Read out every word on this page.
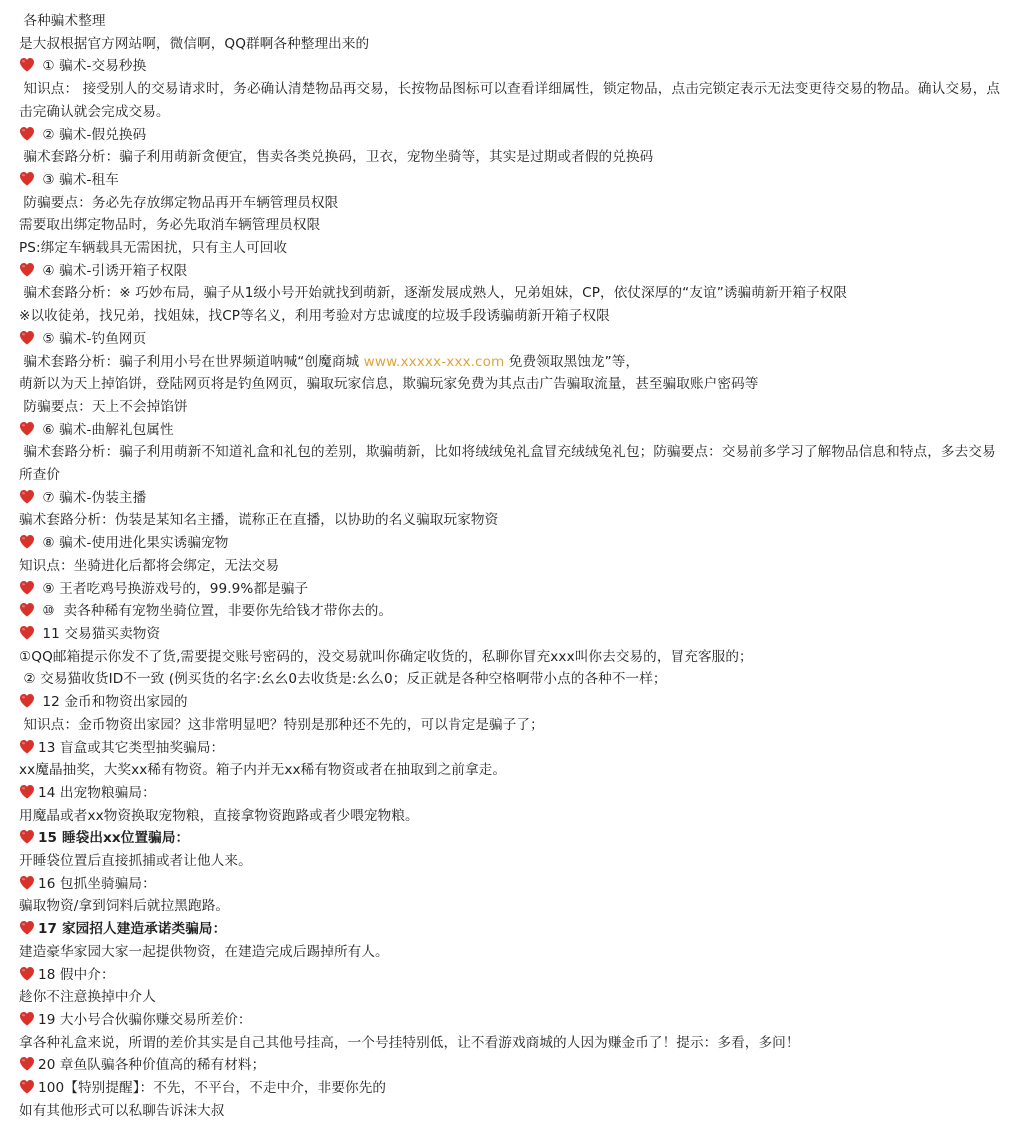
各种骗术整理
是大叔根据官方网站啊，微信啊，QQ群啊各种整理出来的
① 骗术-交易秒换
知识点： 接受别人的交易请求时，务必确认清楚物品再交易，长按物品图标可以查看详细属性，锁定物品，点击完锁定表示无法变更待交易的物品。确认交易，点击完确认就会完成交易。
② 骗术-假兑换码
骗术套路分析：骗子利用萌新贪便宜，售卖各类兑换码，卫衣，宠物坐骑等，其实是过期或者假的兑换码
③ 骗术-租车
防骗要点：务必先存放绑定物品再开车辆管理员权限
需要取出绑定物品时，务必先取消车辆管理员权限
PS:绑定车辆载具无需困扰，只有主人可回收
④ 骗术-引诱开箱子权限
骗术套路分析：※ 巧妙布局，骗子从1级小号开始就找到萌新，逐渐发展成熟人，兄弟姐妹，CP，依仗深厚的“友谊”诱骗萌新开箱子权限
※以收徒弟，找兄弟，找姐妹，找CP等名义，利用考验对方忠诚度的垃圾手段诱骗萌新开箱子权限
⑤ 骗术-钓鱼网页
骗术套路分析：骗子利用小号在世界频道呐喊“创魔商城 www.xxxxx-xxx.com 免费领取黑蚀龙”等，
萌新以为天上掉馅饼，登陆网页将是钓鱼网页，骗取玩家信息，欺骗玩家免费为其点击广告骗取流量，甚至骗取账户密码等
防骗要点：天上不会掉馅饼
⑥ 骗术-曲解礼包属性
骗术套路分析：骗子利用萌新不知道礼盒和礼包的差别，欺骗萌新，比如将绒绒兔礼盒冒充绒绒兔礼包；防骗要点：交易前多学习了解物品信息和特点，多去交易所查价
⑦ 骗术-伪装主播
骗术套路分析：伪装是某知名主播，谎称正在直播，以协助的名义骗取玩家物资
⑧ 骗术-使用进化果实诱骗宠物
知识点：坐骑进化后都将会绑定，无法交易
⑨ 王者吃鸡号换游戏号的，99.9%都是骗子
⑩  卖各种稀有宠物坐骑位置，非要你先给钱才带你去的。
11 交易猫买卖物资
①QQ邮箱提示你发不了货,需要提交账号密码的，没交易就叫你确定收货的，私聊你冒充xxx叫你去交易的，冒充客服的；
② 交易猫收货ID不一致 (例买货的名字:幺幺0去收货是:幺么0；反正就是各种空格啊带小点的各种不一样；
12 金币和物资出家园的
知识点：金币物资出家园？这非常明显吧？特别是那种还不先的，可以肯定是骗子了；
13 盲盒或其它类型抽奖骗局：
xx魔晶抽奖，大奖xx稀有物资。箱子内并无xx稀有物资或者在抽取到之前拿走。
14 出宠物粮骗局：
用魔晶或者xx物资换取宠物粮，直接拿物资跑路或者少喂宠物粮。
15 睡袋出xx位置骗局：
开睡袋位置后直接抓捕或者让他人来。
16 包抓坐骑骗局：
骗取物资/拿到饲料后就拉黑跑路。
17 家园招人建造承诺类骗局：
建造豪华家园大家一起提供物资，在建造完成后踢掉所有人。
18 假中介：
趁你不注意换掉中介人
19 大小号合伙骗你赚交易所差价：
拿各种礼盒来说，所谓的差价其实是自己其他号挂高，一个号挂特别低，让不看游戏商城的人因为赚金币了！提示：多看，多问！
20 章鱼队骗各种价值高的稀有材料；
100【特别提醒】：不先，不平台，不走中介，非要你先的
如有其他形式可以私聊告诉沫大叔
